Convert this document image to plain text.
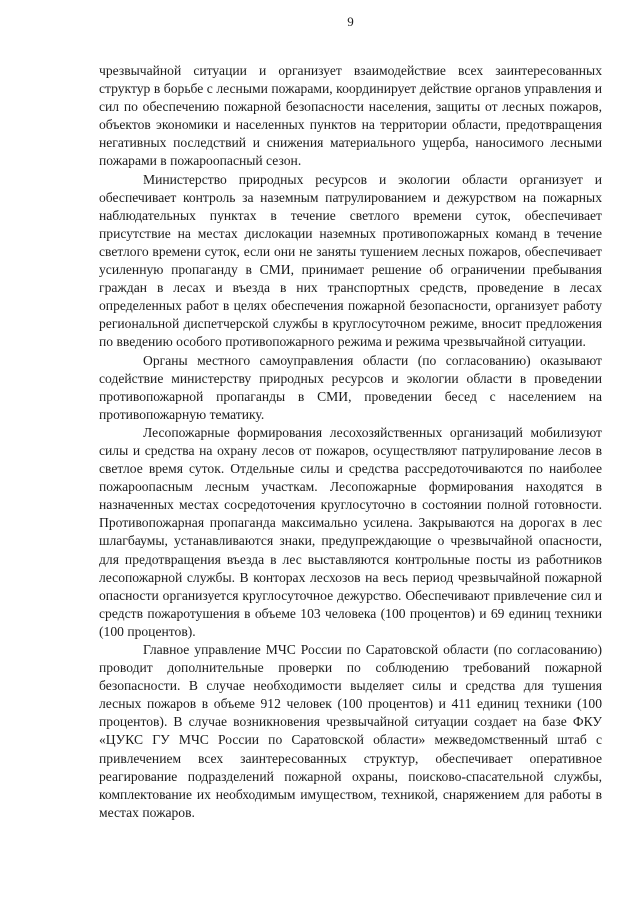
9

чрезвычайной ситуации и организует взаимодействие всех заинтересованных структур в борьбе с лесными пожарами, координирует действие органов управления и сил по обеспечению пожарной безопасности населения, защиты от лесных пожаров, объектов экономики и населенных пунктов на территории области, предотвращения негативных последствий и снижения материального ущерба, наносимого лесными пожарами в пожароопасный сезон.

Министерство природных ресурсов и экологии области организует и обеспечивает контроль за наземным патрулированием и дежурством на пожарных наблюдательных пунктах в течение светлого времени суток, обеспечивает присутствие на местах дислокации наземных противопожарных команд в течение светлого времени суток, если они не заняты тушением лесных пожаров, обеспечивает усиленную пропаганду в СМИ, принимает решение об ограничении пребывания граждан в лесах и въезда в них транспортных средств, проведение в лесах определенных работ в целях обеспечения пожарной безопасности, организует работу региональной диспетчерской службы в круглосуточном режиме, вносит предложения по введению особого противопожарного режима и режима чрезвычайной ситуации.

Органы местного самоуправления области (по согласованию) оказывают содействие министерству природных ресурсов и экологии области в проведении противопожарной пропаганды в СМИ, проведении бесед с населением на противопожарную тематику.

Лесопожарные формирования лесохозяйственных организаций мобилизуют силы и средства на охрану лесов от пожаров, осуществляют патрулирование лесов в светлое время суток. Отдельные силы и средства рассредоточиваются по наиболее пожароопасным лесным участкам. Лесопожарные формирования находятся в назначенных местах сосредоточения круглосуточно в состоянии полной готовности. Противопожарная пропаганда максимально усилена. Закрываются на дорогах в лес шлагбаумы, устанавливаются знаки, предупреждающие о чрезвычайной опасности, для предотвращения въезда в лес выставляются контрольные посты из работников лесопожарной службы. В конторах лесхозов на весь период чрезвычайной пожарной опасности организуется круглосуточное дежурство. Обеспечивают привлечение сил и средств пожаротушения в объеме 103 человека (100 процентов) и 69 единиц техники (100 процентов).

Главное управление МЧС России по Саратовской области (по согласованию) проводит дополнительные проверки по соблюдению требований пожарной безопасности. В случае необходимости выделяет силы и средства для тушения лесных пожаров в объеме 912 человек (100 процентов) и 411 единиц техники (100 процентов). В случае возникновения чрезвычайной ситуации создает на базе ФКУ «ЦУКС ГУ МЧС России по Саратовской области» межведомственный штаб с привлечением всех заинтересованных структур, обеспечивает оперативное реагирование подразделений пожарной охраны, поисково-спасательной службы, комплектование их необходимым имуществом, техникой, снаряжением для работы в местах пожаров.
